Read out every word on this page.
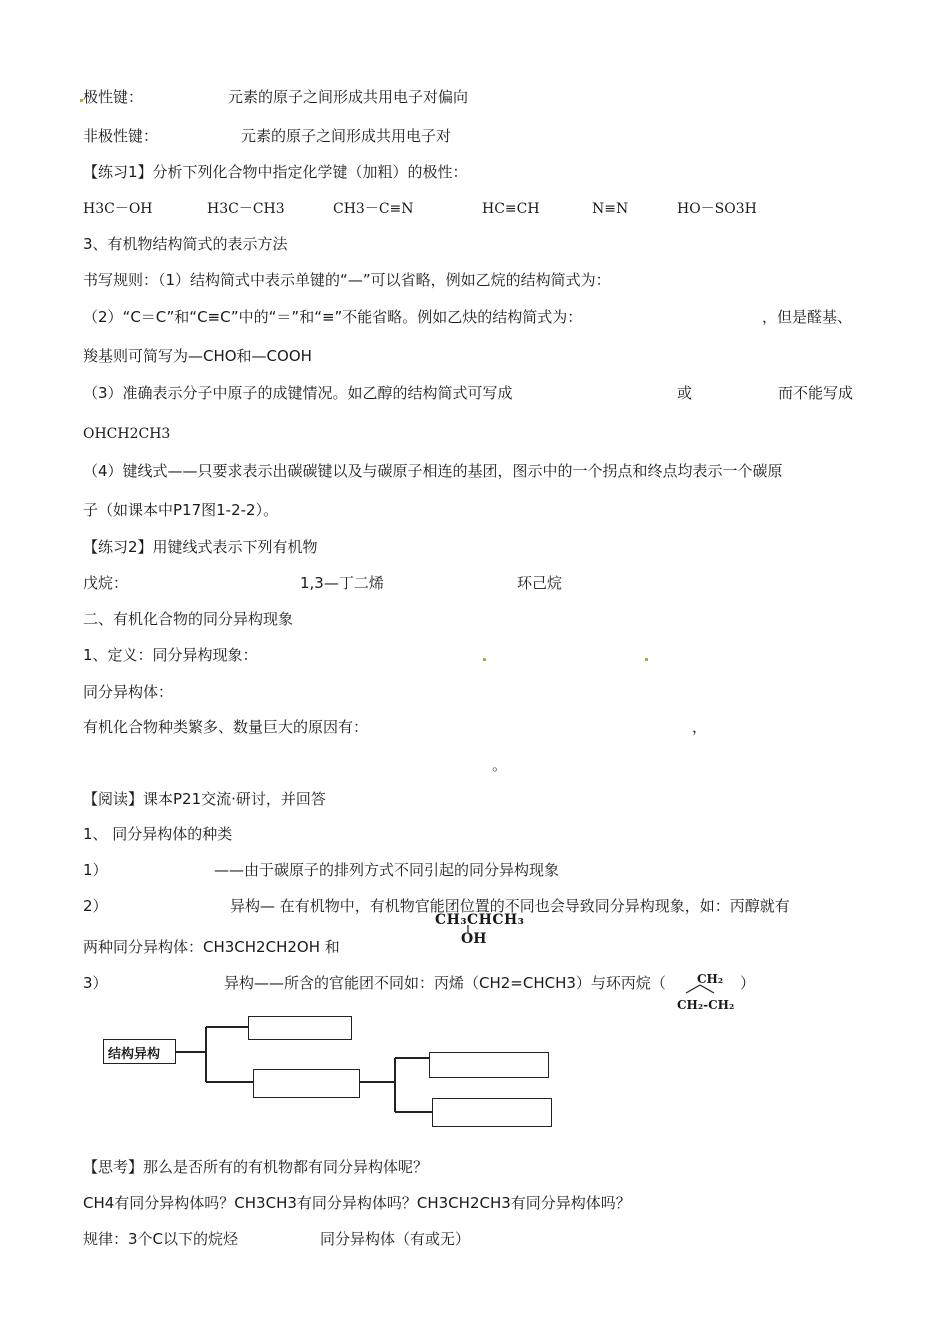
极性键：	元素的原子之间形成共用电子对偏向
非极性键：	元素的原子之间形成共用电子对
【练习1】分析下列化合物中指定化学键（加粗）的极性：
H3C－OH	H3C－CH3	CH3－C≡N	HC≡CH	N≡N	HO－SO3H
3、有机物结构简式的表示方法
书写规则：（1）结构简式中表示单键的“—”可以省略，例如乙烷的结构简式为：
（2）“C＝C”和“C≡C”中的“＝”和“≡”不能省略。例如乙炔的结构简式为：	，但是醛基、
羧基则可简写为—CHO和—COOH
（3）准确表示分子中原子的成键情况。如乙醇的结构简式可写成	或	而不能写成
OHCH2CH3
（4）键线式——只要求表示出碳碳键以及与碳原子相连的基团，图示中的一个拐点和终点均表示一个碳原
子（如课本中P17图1-2-2）。
【练习2】用键线式表示下列有机物
戊烷：	1,3—丁二烯	环己烷
二、有机化合物的同分异构现象
1、定义：同分异构现象：
同分异构体：
有机化合物种类繁多、数量巨大的原因有：	，
。
【阅读】课本P21交流·研讨，并回答
1、 同分异构体的种类
1）	——由于碳原子的排列方式不同引起的同分异构现象
2）	异构— 在有机物中，有机物官能团位置的不同也会导致同分异构现象，如：丙醇就有
两种同分异构体：CH3CH2CH2OH 和
CH₃CHCH₃
OH
3）	异构——所含的官能团不同如：丙烯（CH2=CHCH3）与环丙烷（	）
CH₂
CH₂-CH₂
结构异构
【思考】那么是否所有的有机物都有同分异构体呢？
CH4有同分异构体吗？CH3CH3有同分异构体吗？CH3CH2CH3有同分异构体吗？
规律：3个C以下的烷烃	同分异构体（有或无）
